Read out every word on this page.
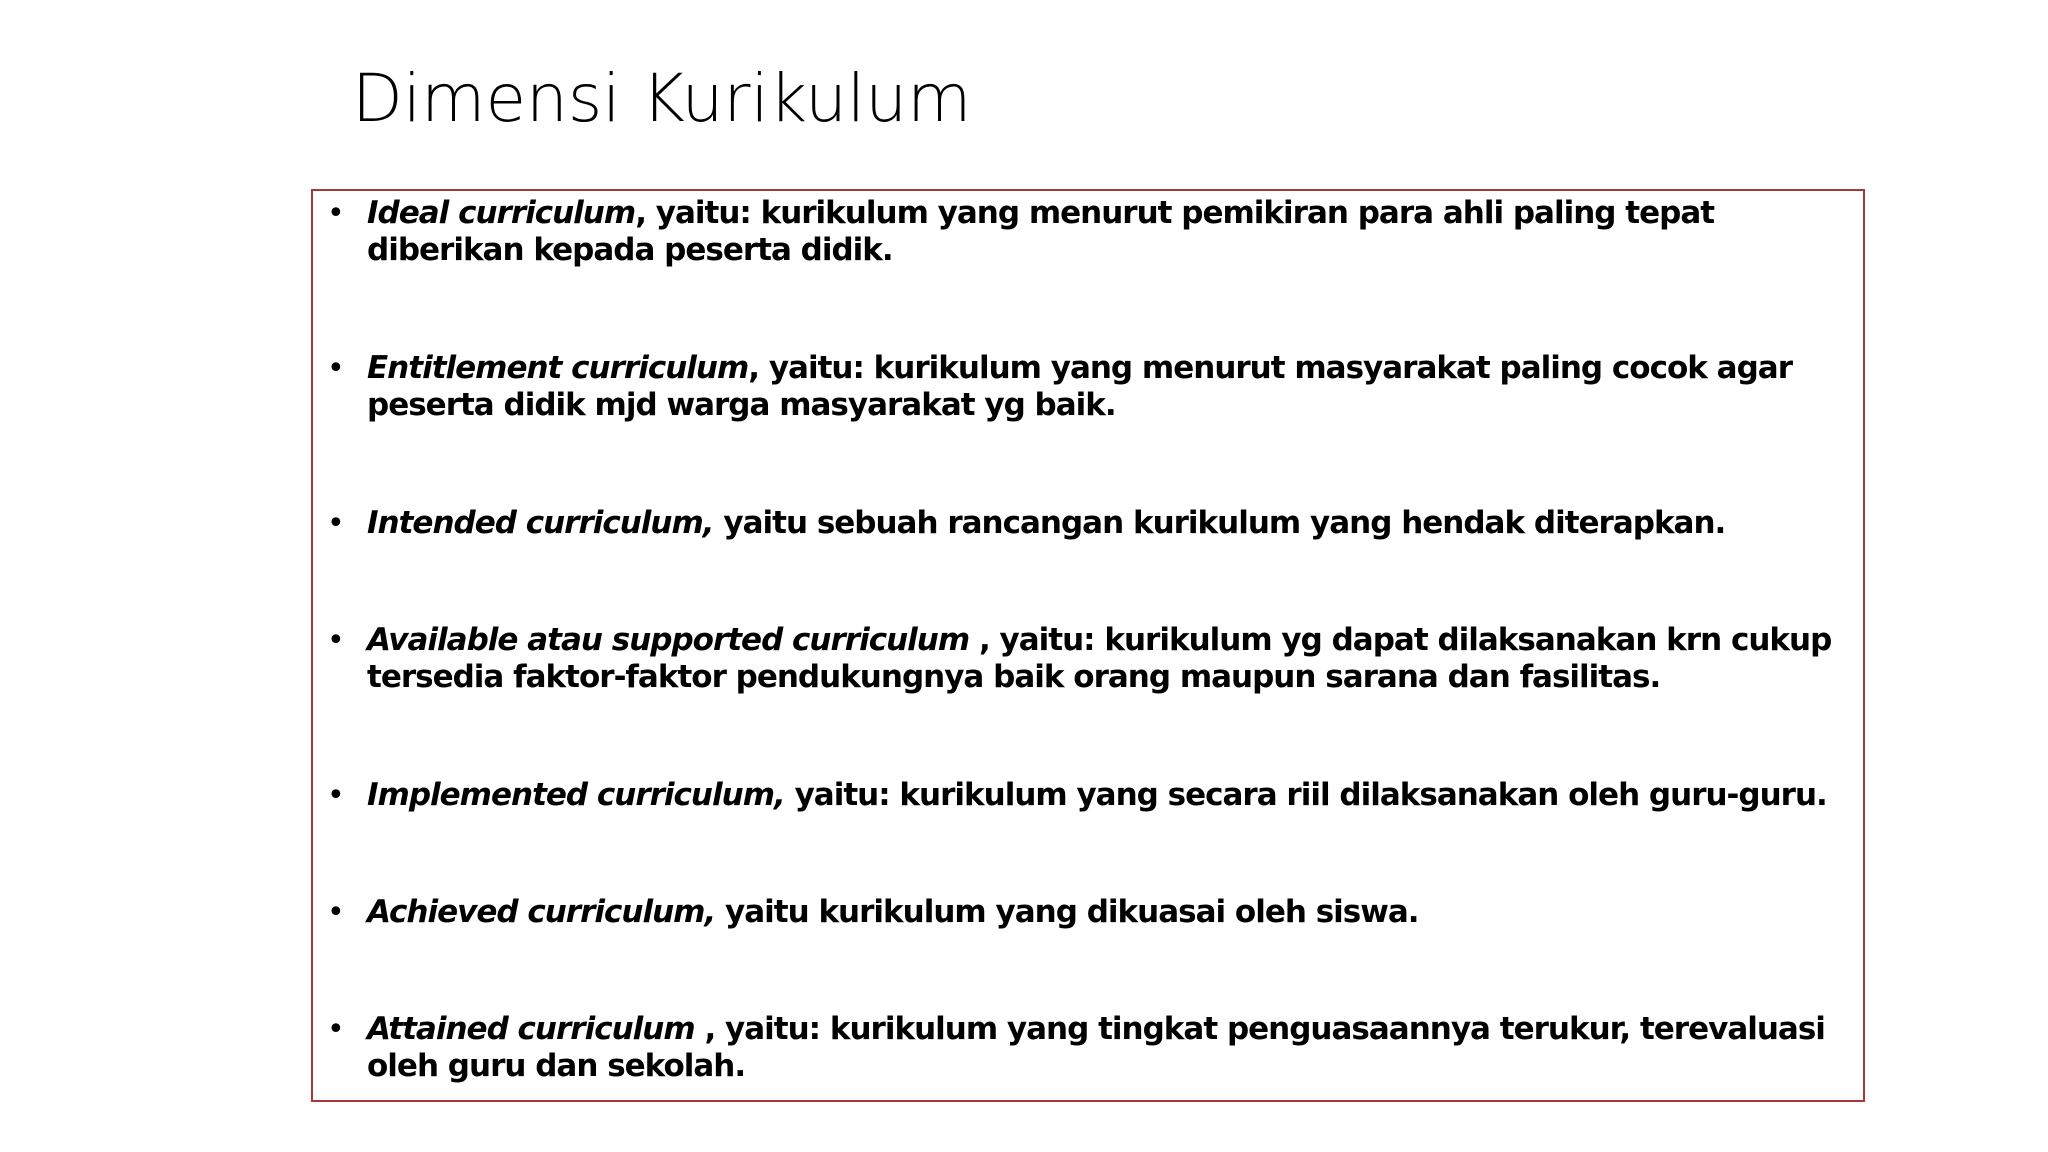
Dimensi Kurikulum
• Ideal curriculum, yaitu: kurikulum yang menurut pemikiran para ahli paling tepat diberikan kepada peserta didik.
• Entitlement curriculum, yaitu: kurikulum yang menurut masyarakat paling cocok agar peserta didik mjd warga masyarakat yg baik.
• Intended curriculum, yaitu sebuah rancangan kurikulum yang hendak diterapkan.
• Available atau supported curriculum , yaitu: kurikulum yg dapat dilaksanakan krn cukup tersedia faktor-faktor pendukungnya baik orang maupun sarana dan fasilitas.
• Implemented curriculum, yaitu: kurikulum yang secara riil dilaksanakan oleh guru-guru.
• Achieved curriculum, yaitu kurikulum yang dikuasai oleh siswa.
• Attained curriculum , yaitu: kurikulum yang tingkat penguasaannya terukur, terevaluasi oleh guru dan sekolah.
